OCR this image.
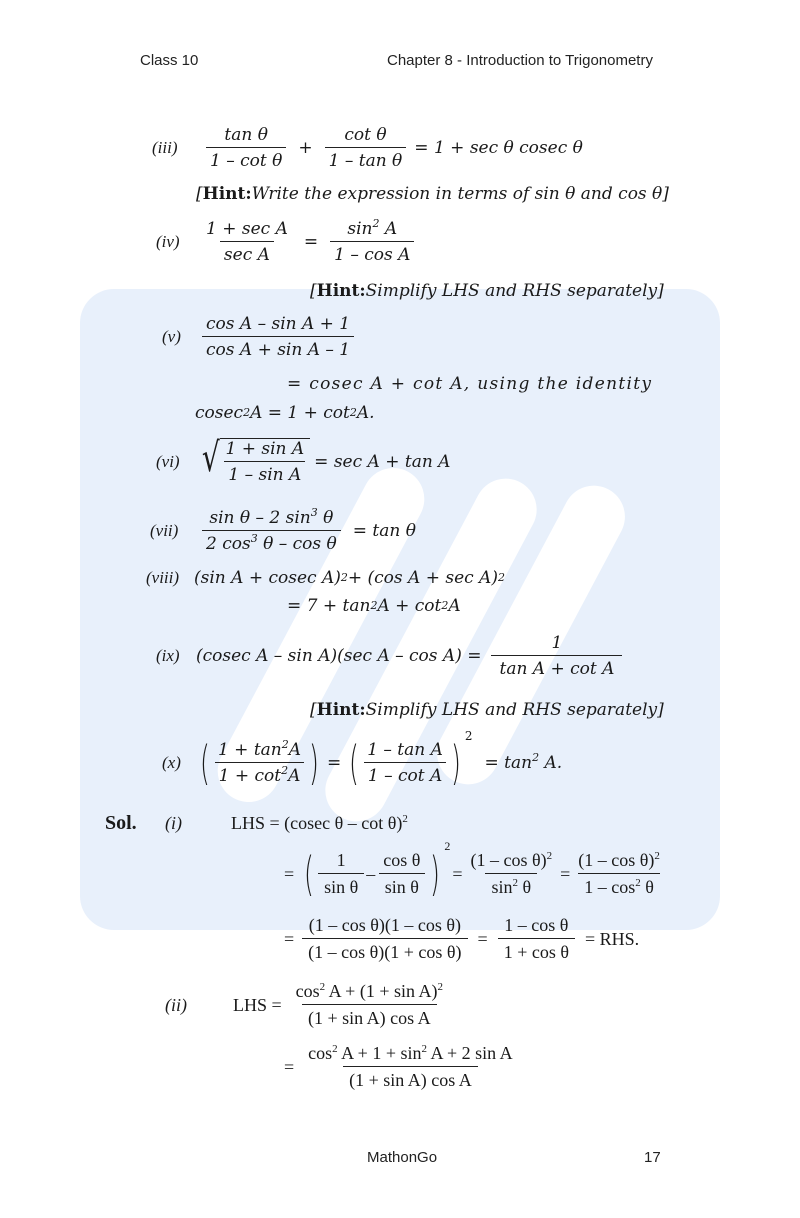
Class 10	Chapter 8 - Introduction to Trigonometry
MathonGo	17
(iii)	$\frac{\text{tan θ}}{\text{1 – cot θ}} + \frac{\text{cot θ}}{\text{1 – tan θ}} = 1 + \sec \theta$ cosec θ
[ Hint: Write the expression in terms of sin θ and cos θ ]
(iv)	$\frac{\text{1 + sec A}}{\text{sec A}} = \frac{\sin^2 A}{\text{1 – cos A}}$
[ Hint: Simplify LHS and RHS separately ]
(v)	$\frac{\text{cos A – sin A + 1}}{\text{cos A + sin A – 1}}$
= cosec A + cot A, using the identity
cosec 2 A = 1 + cot 2 A.
(vi) √ $\frac{\text{1 + sin A}}{\text{1 – sin A}} = \sec A + \tan A$
(vii)	$\frac{\sin \theta - 2 \sin^3 \theta}{2 \cos^3 \theta - \cos \theta} = \tan \theta$
(viii) (sin A + cosec A) 2 + (cos A + sec A) 2
= 7 + tan 2 A + cot 2 A
(ix) (cosec A – sin A)(sec $A - \cos A) = \frac{1}{\text{tan A + cot A}}$
[ Hint: Simplify LHS and RHS separately ]
(x) ( $\frac{1 + \tan^2A}{1 + \cot^2A}$ ) = ( $\frac{\text{1 – tan A}}{\text{1 – cot A}}$ ) = $\tan^2 A$.
Sol.	(i)	LHS = (cosec θ – cot θ)$^2$
= ( $\frac{1}{\text{sin θ}} - \frac{\text{cos θ}}{\text{sin θ}}$ ) = $\frac{(1 - \cos \theta)^2}{\sin^2 \theta} = \frac{(1 - \cos \theta)^2}{1 - \cos^2 \theta}$
= $\frac{\text{(1 – cos θ)(1 – cos θ)}}{\text{(1 – cos θ)(1 + cos θ)}} = \frac{\text{1 – cos θ}}{\text{1 + cos θ}}$ = RHS.
(ii)	LHS = $\frac{\cos^2 A + (1 + \sin A)^2}{\text{(1 + sin A) cos A}}$
= $\frac{\cos^2 A + 1 + \sin^2 A + 2 \sin A}{\text{(1 + sin A) cos A}}$
